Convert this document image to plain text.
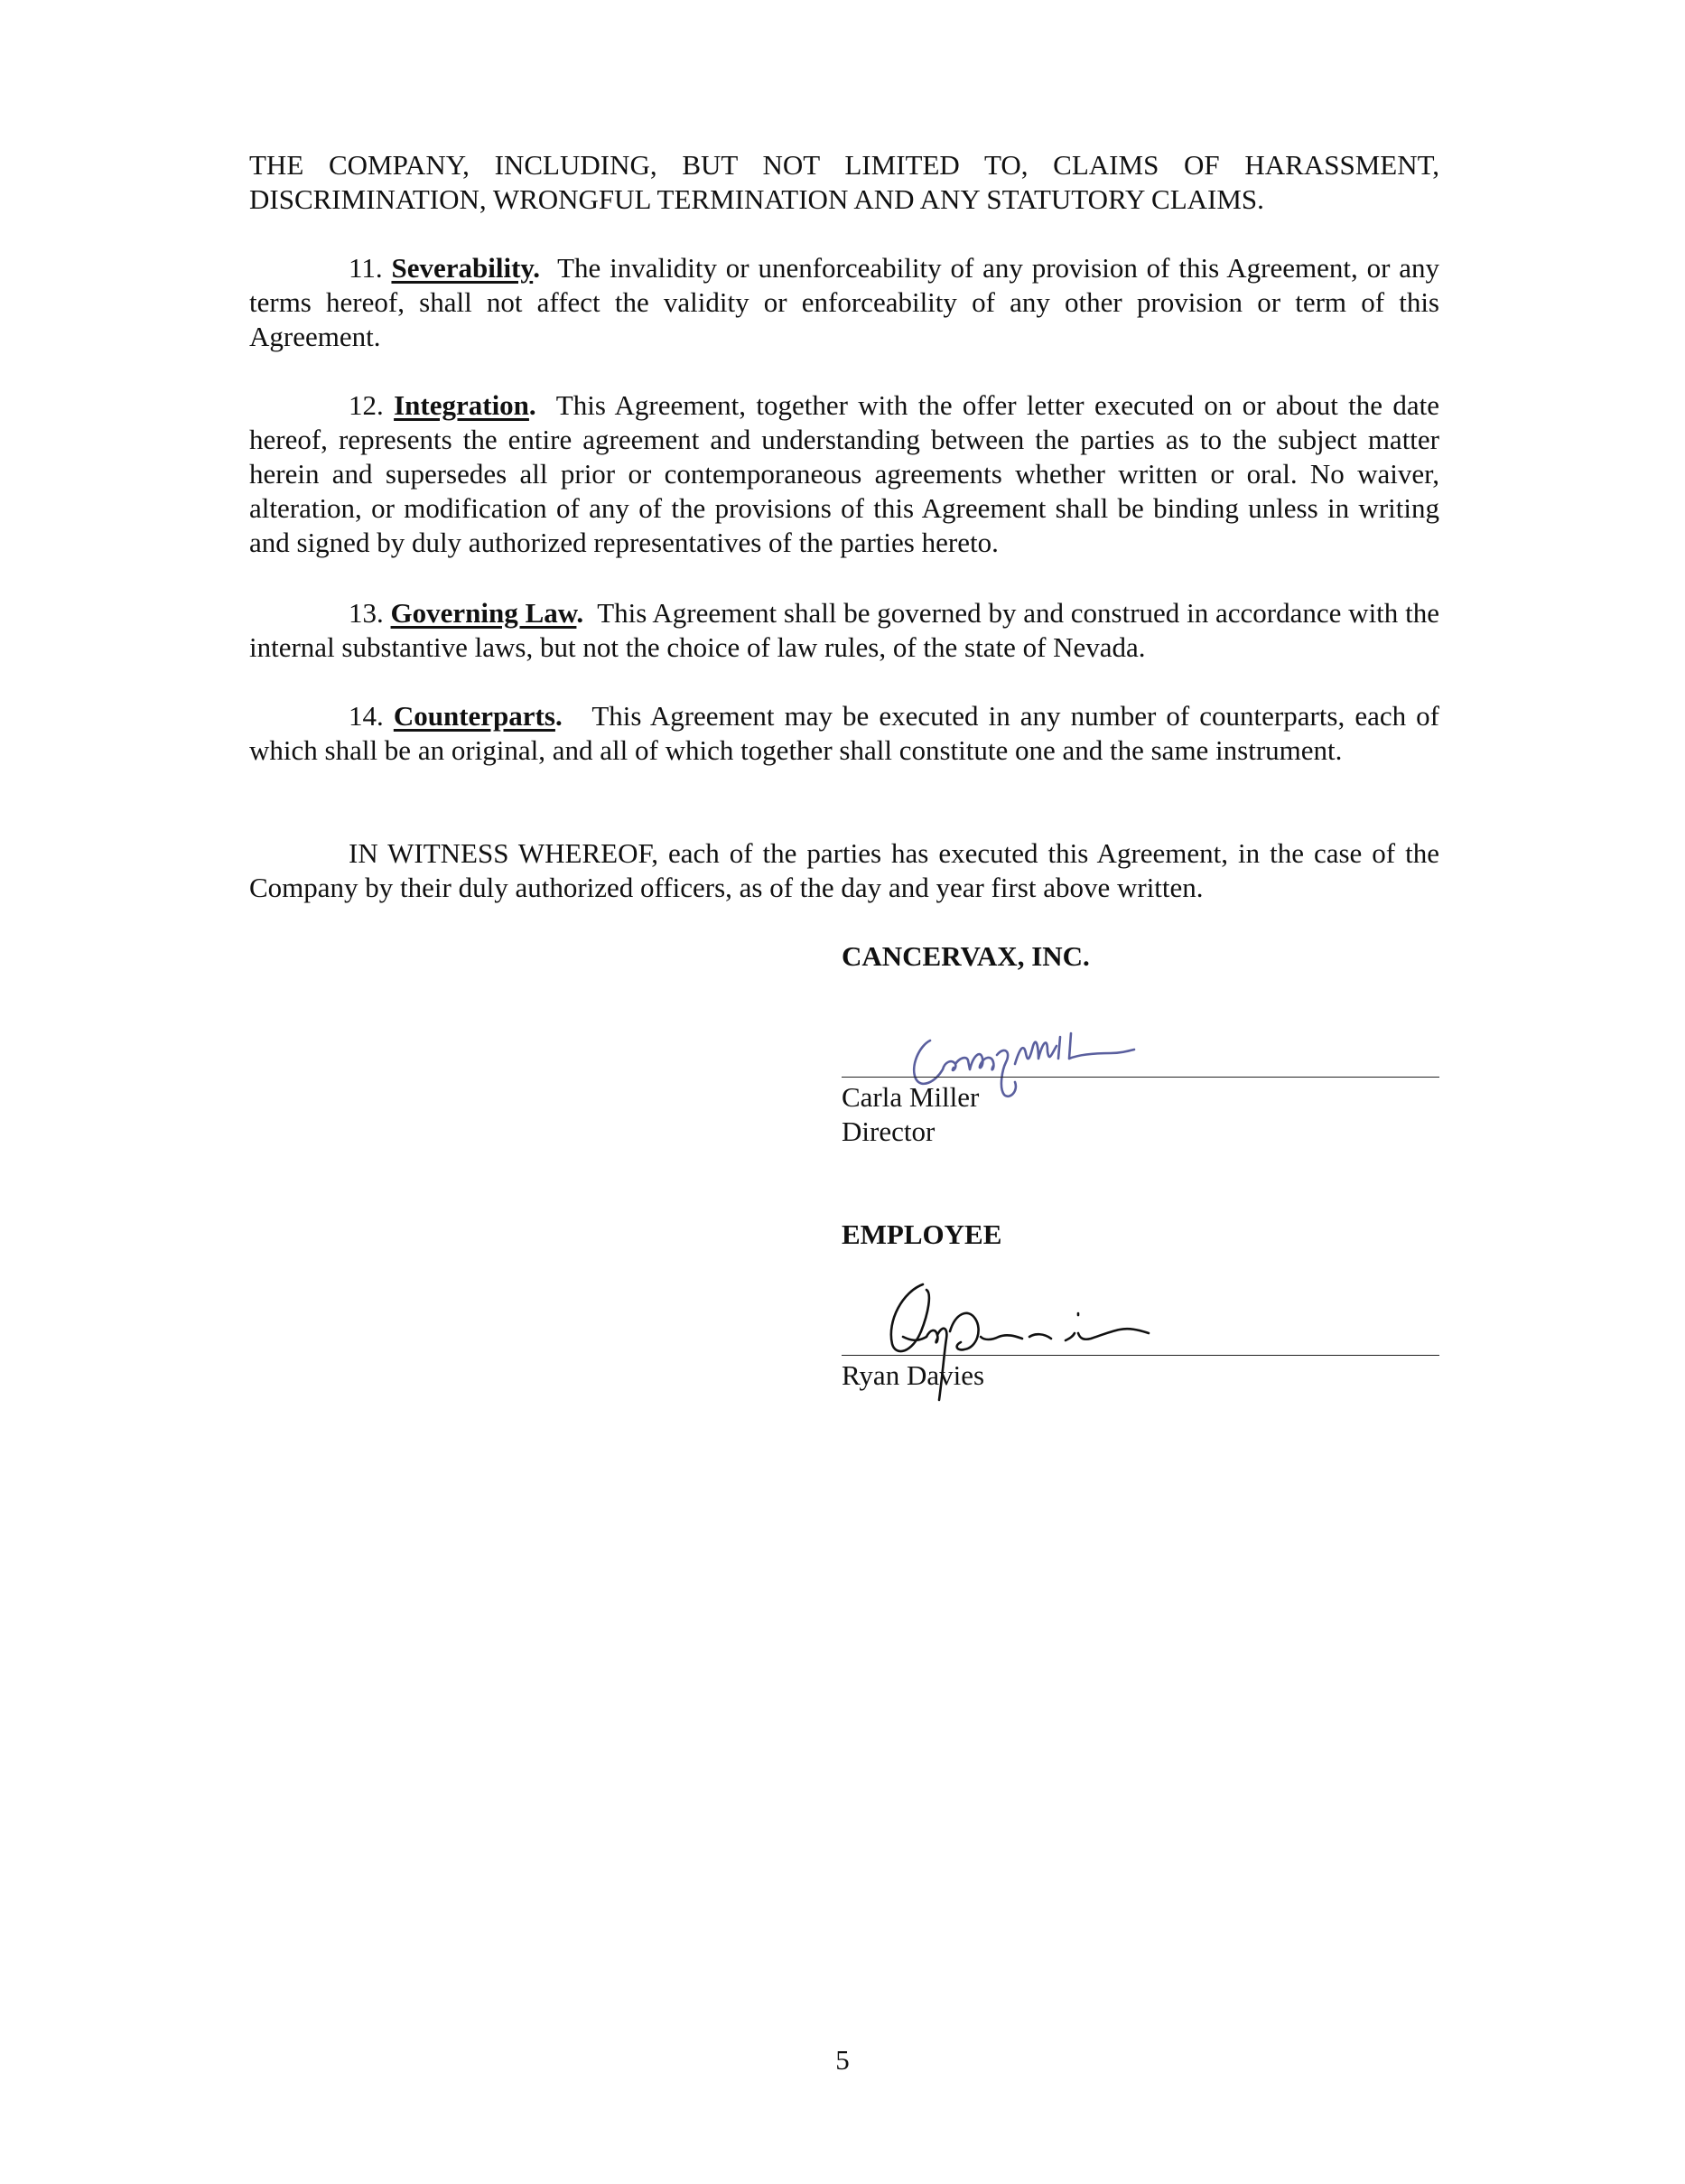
THE COMPANY, INCLUDING, BUT NOT LIMITED TO, CLAIMS OF HARASSMENT, DISCRIMINATION, WRONGFUL TERMINATION AND ANY STATUTORY CLAIMS.

11. Severability. The invalidity or unenforceability of any provision of this Agreement, or any terms hereof, shall not affect the validity or enforceability of any other provision or term of this Agreement.

12. Integration. This Agreement, together with the offer letter executed on or about the date hereof, represents the entire agreement and understanding between the parties as to the subject matter herein and supersedes all prior or contemporaneous agreements whether written or oral. No waiver, alteration, or modification of any of the provisions of this Agreement shall be binding unless in writing and signed by duly authorized representatives of the parties hereto.

13. Governing Law. This Agreement shall be governed by and construed in accordance with the internal substantive laws, but not the choice of law rules, of the state of Nevada.

14. Counterparts. This Agreement may be executed in any number of counterparts, each of which shall be an original, and all of which together shall constitute one and the same instrument.

IN WITNESS WHEREOF, each of the parties has executed this Agreement, in the case of the Company by their duly authorized officers, as of the day and year first above written.

CANCERVAX, INC.
Carla Miller
Director
EMPLOYEE
Ryan Davies
5
